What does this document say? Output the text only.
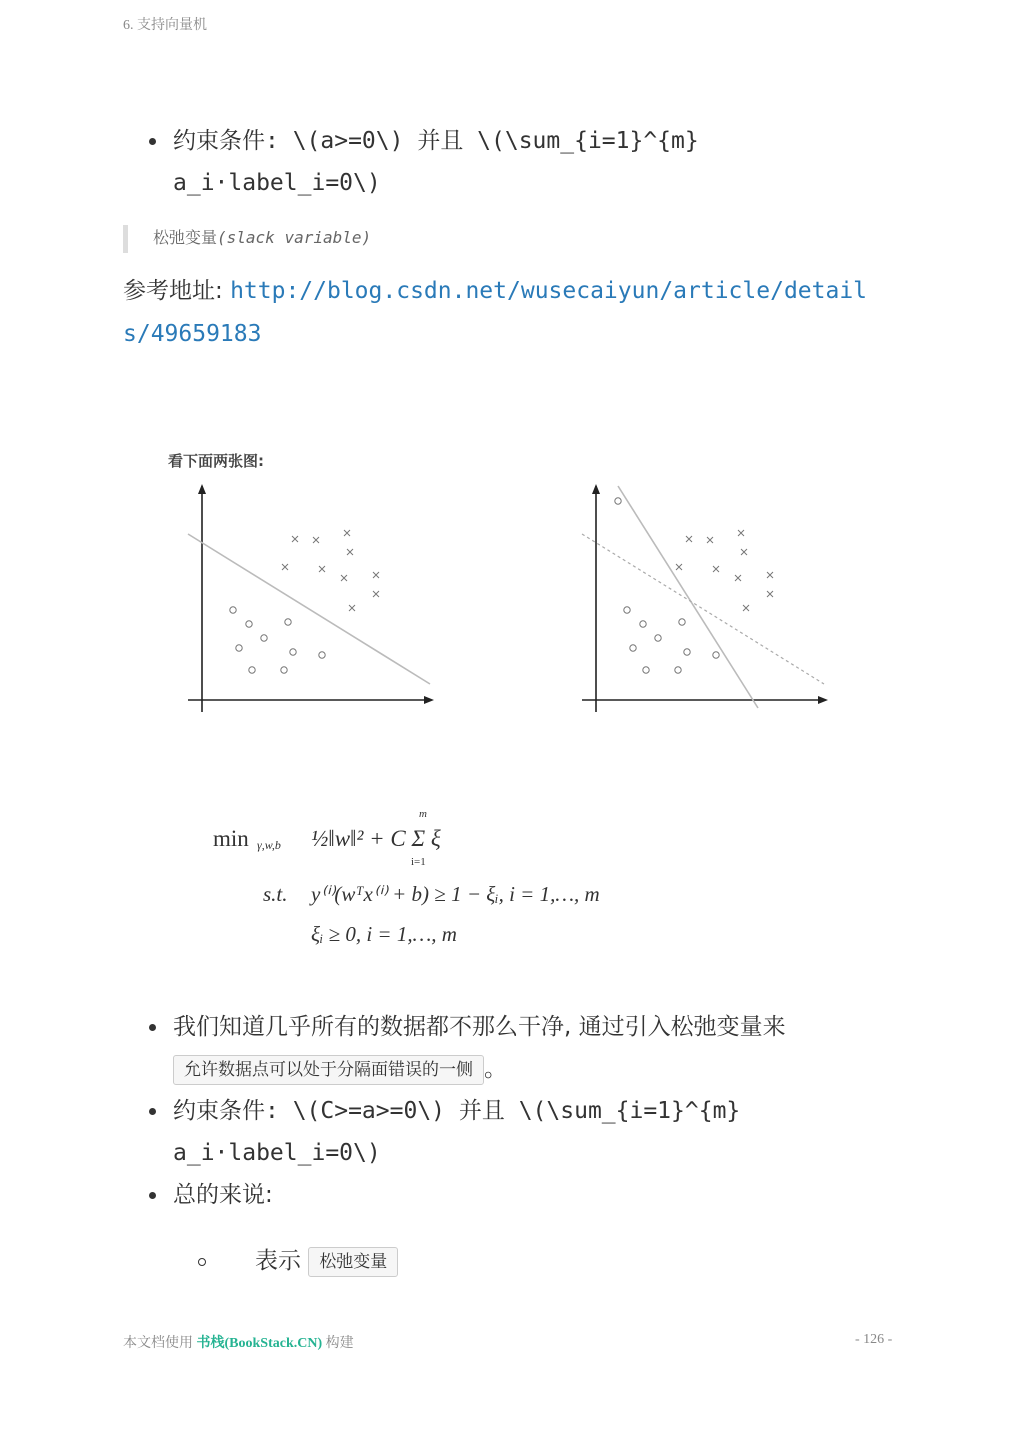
6. 支持向量机
约束条件: \(a>=0\) 并且 \(\sum_{i=1}^{m} a_i·label_i=0\)
松弛变量(slack variable)
参考地址: http://blog.csdn.net/wusecaiyun/article/details/49659183
看下面两张图:
min γ,w,b ½‖w‖² + C Σ ξ
m
i=1
s.t. y⁽ⁱ⁾(wᵀx⁽ⁱ⁾ + b) ≥ 1 − ξᵢ, i = 1,…, m
ξᵢ ≥ 0, i = 1,…, m
我们知道几乎所有的数据都不那么干净, 通过引入松弛变量来 允许数据点可以处于分隔面错误的一侧 。
约束条件: \(C>=a>=0\) 并且 \(\sum_{i=1}^{m} a_i·label_i=0\)
总的来说:
表示 松弛变量
本文档使用 书栈(BookStack.CN) 构建	- 126 -
